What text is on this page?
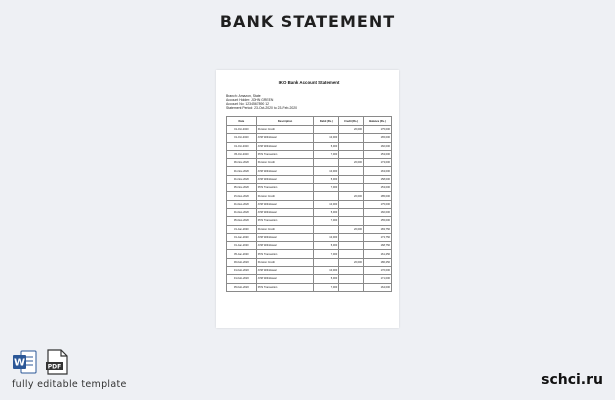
BANK STATEMENT
IKO Bank Account Statement
Branch: Amazon, State
Account Holder: JOHN GREEN
Account No: 1234567890 12
Statement Period: 23-Oct-2020 to 23-Feb-2020
Date	Description	Debit (Rs.)	Credit (Rs.)	Balance (Rs.)
01-Oct-2020	Pension Credit		20,000	175,000
01-Oct-2020	ATM Withdrawal	10,000		165,000
01-Oct-2020	ATM Withdrawal	5,000		160,000
05-Oct-2020	POS Transaction	7,000		153,000
06-Nov-2020	Pension Credit		20,000	173,000
01-Nov-2020	ATM Withdrawal	10,000		163,000
01-Nov-2020	ATM Withdrawal	5,000		158,000
05-Nov-2020	POS Transaction	7,000		153,000
15-Dec-2020	Pension Credit		20,000	185,000
01-Dec-2020	ATM Withdrawal	10,000		175,000
01-Dec-2020	ATM Withdrawal	5,000		160,000
05-Dec-2020	POS Transaction	7,000		155,000
31-Jan-2020	Pension Credit		20,000	183,750
01-Jan-2020	ATM Withdrawal	10,000		173,750
01-Jan-2020	ATM Withdrawal	5,000		168,750
05-Jan-2020	POS Transaction	7,000		161,250
06-Feb-2020	Pension Credit		20,000	186,250
01-Feb-2020	ATM Withdrawal	10,000		176,000
01-Feb-2020	ATM Withdrawal	5,000		171,000
05-Feb-2020	POS Transaction	7,000		164,000
W	PDF
fully editable template	schci.ru
